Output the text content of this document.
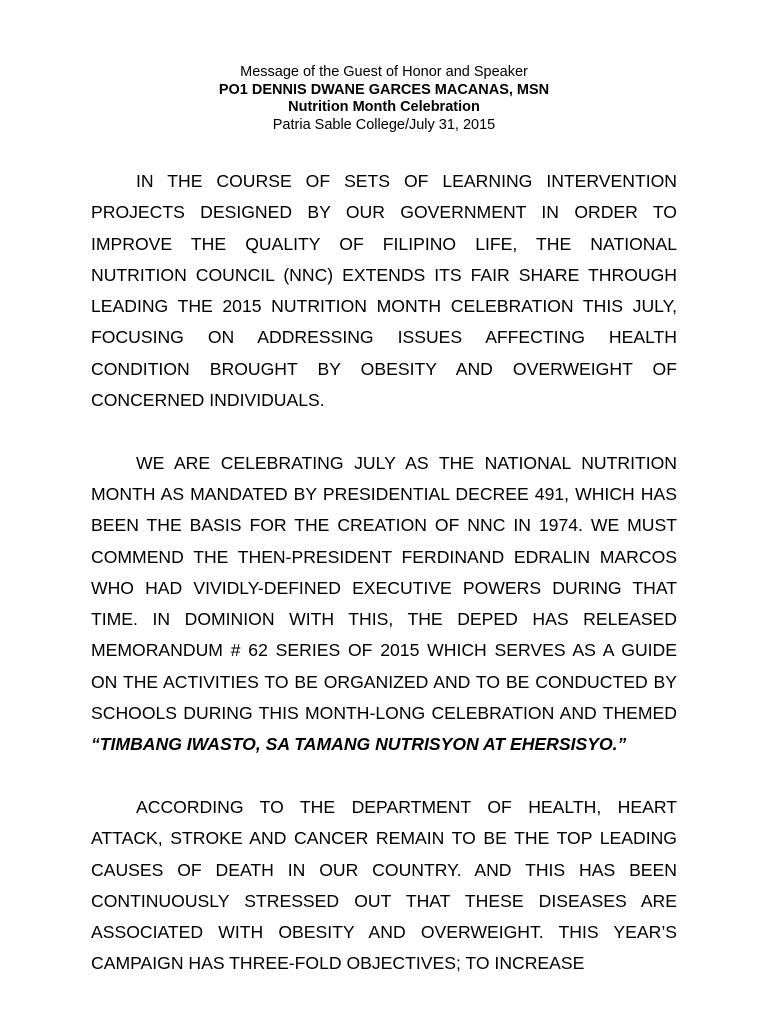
Message of the Guest of Honor and Speaker
PO1 DENNIS DWANE GARCES MACANAS, MSN
Nutrition Month Celebration
Patria Sable College/July 31, 2015

IN THE COURSE OF SETS OF LEARNING INTERVENTION PROJECTS DESIGNED BY OUR GOVERNMENT IN ORDER TO IMPROVE THE QUALITY OF FILIPINO LIFE, THE NATIONAL NUTRITION COUNCIL (NNC) EXTENDS ITS FAIR SHARE THROUGH LEADING THE 2015 NUTRITION MONTH CELEBRATION THIS JULY, FOCUSING ON ADDRESSING ISSUES AFFECTING HEALTH CONDITION BROUGHT BY OBESITY AND OVERWEIGHT OF CONCERNED INDIVIDUALS.

WE ARE CELEBRATING JULY AS THE NATIONAL NUTRITION MONTH AS MANDATED BY PRESIDENTIAL DECREE 491, WHICH HAS BEEN THE BASIS FOR THE CREATION OF NNC IN 1974. WE MUST COMMEND THE THEN-PRESIDENT FERDINAND EDRALIN MARCOS WHO HAD VIVIDLY-DEFINED EXECUTIVE POWERS DURING THAT TIME. IN DOMINION WITH THIS, THE DEPED HAS RELEASED MEMORANDUM # 62 SERIES OF 2015 WHICH SERVES AS A GUIDE ON THE ACTIVITIES TO BE ORGANIZED AND TO BE CONDUCTED BY SCHOOLS DURING THIS MONTH-LONG CELEBRATION AND THEMED “TIMBANG IWASTO, SA TAMANG NUTRISYON AT EHERSISYO.”

ACCORDING TO THE DEPARTMENT OF HEALTH, HEART ATTACK, STROKE AND CANCER REMAIN TO BE THE TOP LEADING CAUSES OF DEATH IN OUR COUNTRY. AND THIS HAS BEEN CONTINUOUSLY STRESSED OUT THAT THESE DISEASES ARE ASSOCIATED WITH OBESITY AND OVERWEIGHT. THIS YEAR’S CAMPAIGN HAS THREE-FOLD OBJECTIVES; TO INCREASE
